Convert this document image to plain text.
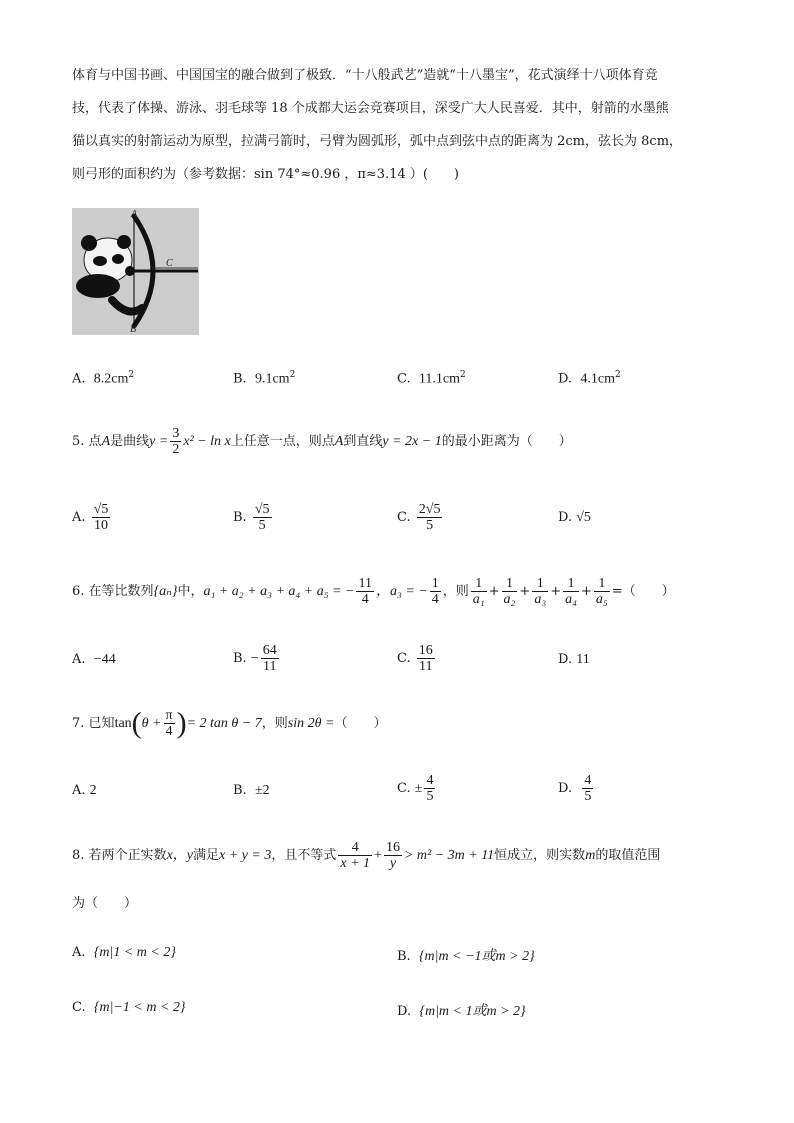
体育与中国书画、中国国宝的融合做到了极致．“十八般武艺”造就“十八墨宝”，花式演绎十八项体育竞
技，代表了体操、游泳、羽毛球等 18 个成都大运会竞赛项目，深受广大人民喜爱．其中，射箭的水墨熊
猫以真实的射箭运动为原型，拉满弓箭时，弓臂为圆弧形，弧中点到弦中点的距离为 2cm，弦长为 8cm，
则弓形的面积约为（参考数据：sin 74°≈0.96 ，π≈3.14 ）(　　)
A
B
C
A. $8.2cm^2$	B. $9.1cm^2$	C. $11.1cm^2$	D. $4.1cm^2$
5. 点A是曲线$y = \frac{3}{2} x^2 - \ln x$上任意一点，则点A到直线y = 2x − 1的最小距离为（　　）
A. $\frac{√5}{10}$	B. $\frac{√5}{5}$	C. $\frac{2√5}{5}$	D. √5
6. 在等比数列{aₙ}中，a₁ + a₂ + a₃ + a₄ + a₅ = − $\frac{11}{4}$ ，a₃ = − $\frac{1}{4}$ ，则 $\frac{1}{\text{a₁}} + \frac{1}{\text{a₂}} + \frac{1}{\text{a₃}} + \frac{1}{\text{a₄}} + \frac{1}{\text{a₅}}$ =（　　）
A. −44	B. − $\frac{64}{11}$	C. $\frac{16}{11}$	D. 11
7. 已知$\tan(\theta + \frac{\pi}{4}$ )= 2 tan θ − 7，则sin 2θ =（　　）
A. 2	B. ±2	C. ± $\frac{4}{5}$	D. $\frac{4}{5}$
8. 若两个正实数x，y满足x + y = 3，且不等式 $\frac{4}{x + 1} + \frac{16}{y} > m^2 - 3m + 11$恒成立，则实数m的取值范围
为（　　）
A. {m|1 < m < 2}	B. {m|m < −1或m > 2}
C. {m|−1 < m < 2}	D. {m|m < 1或m > 2}
